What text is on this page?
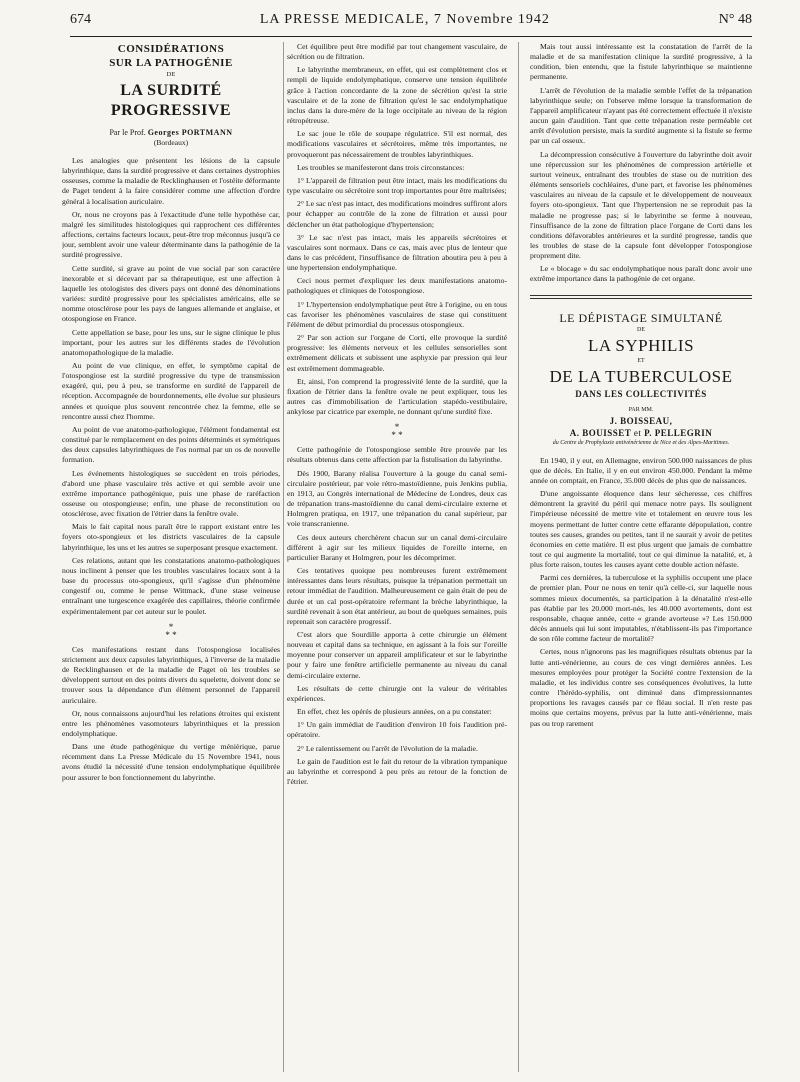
674	LA PRESSE MEDICALE, 7 Novembre 1942	N° 48
CONSIDÉRATIONS
SUR LA PATHOGÉNIE
DE
LA SURDITÉ PROGRESSIVE
Par le Prof. Georges PORTMANN
(Bordeaux)

Les analogies que présentent les lésions de la capsule labyrinthique, dans la surdité progressive et dans certaines dystrophies osseuses, comme la maladie de Recklinghausen et l'ostéite déformante de Paget tendent à la faire considérer comme une affection d'ordre général à localisation auriculaire.

Or, nous ne croyons pas à l'exactitude d'une telle hypothèse car, malgré les similitudes histologiques qui rapprochent ces différentes affections, certains facteurs locaux, peut-être trop méconnus jusqu'à ce jour, semblent avoir une valeur déterminante dans la pathogénie de la surdité progressive.

Cette surdité, si grave au point de vue social par son caractère inexorable et si décevant par sa thérapeutique, est une affection à laquelle les otologistes des divers pays ont donné des dénominations variées: surdité progressive pour les spécialistes américains, elle se nomme otosclérose pour les pays de langues allemande et anglaise, et otospongiose en France.

Cette appellation se base, pour les uns, sur le signe clinique le plus important, pour les autres sur les différents stades de l'évolution anatomopathologique de la maladie.

Au point de vue clinique, en effet, le symptôme capital de l'otospongiose est la surdité progressive du type de transmission exagéré, qui, peu à peu, se transforme en surdité de l'appareil de réception. Accompagnée de bourdonnements, elle évolue sur plusieurs années et quoique plus souvent rencontrée chez la femme, elle se rencontre aussi chez l'homme.

Au point de vue anatomo-pathologique, l'élément fondamental est constitué par le remplacement en des points déterminés et symétriques des deux capsules labyrinthiques de l'os normal par un os de nouvelle formation.

Les événements histologiques se succèdent en trois périodes, d'abord une phase vasculaire très active et qui semble avoir une extrême importance pathogénique, puis une phase de raréfaction osseuse ou otospongieuse; enfin, une phase de reconstitution ou otosclérose, avec fixation de l'étrier dans la fenêtre ovale.

Mais le fait capital nous paraît être le rapport existant entre les foyers oto-spongieux et les districts vasculaires de la capsule labyrinthique, les uns et les autres se superposant presque exactement.

Ces relations, autant que les constatations anatomo-pathologiques nous inclinent à penser que les troubles vasculaires locaux sont à la base du processus oto-spongieux, qu'il s'agisse d'un phénomène congestif ou, comme le pense Wittmack, d'une stase veineuse entraînant une turgescence exagérée des capillaires, théorie confirmée expérimentalement par cet auteur sur le poulet.

*
* *

Ces manifestations restant dans l'otospongiose localisées strictement aux deux capsules labyrinthiques, à l'inverse de la maladie de Recklinghausen et de la maladie de Paget où les troubles se développent surtout en des points divers du squelette, doivent donc se trouver sous la dépendance d'un élément personnel de l'appareil auriculaire.

Or, nous connaissons aujourd'hui les relations étroites qui existent entre les phénomènes vasomoteurs labyrinthiques et la pression endolymphatique.

Dans une étude pathogénique du vertige ménièrique, parue récemment dans La Presse Médicale du 15 Novembre 1941, nous avons étudié la nécessité d'une tension endolymphatique équilibrée pour assurer le bon fonctionnement du labyrinthe.

Cet équilibre peut être modifié par tout changement vasculaire, de sécrétion ou de filtration.

Le labyrinthe membraneux, en effet, qui est complètement clos et rempli de liquide endolymphatique, conserve une tension équilibrée grâce à l'action concordante de la zone de sécrétion qu'est la strie vasculaire et de la zone de filtration qu'est le sac endolymphatique inclus dans la dure-mère de la loge occipitale au niveau de la région rétropétreuse.

Le sac joue le rôle de soupape régulatrice. S'il est normal, des modifications vasculaires et sécrétoires, même très importantes, ne provoqueront pas nécessairement de troubles labyrinthiques.

Les troubles se manifesteront dans trois circonstances:

1° L'appareil de filtration peut être intact, mais les modifications du type vasculaire ou sécrétoire sont trop importantes pour être maîtrisées;

2° Le sac n'est pas intact, des modifications moindres suffiront alors pour échapper au contrôle de la zone de filtration et aussi pour déclencher un état pathologique d'hypertension;

3° Le sac n'est pas intact, mais les appareils sécrétoires et vasculaires sont normaux. Dans ce cas, mais avec plus de lenteur que dans le cas précédent, l'insuffisance de filtration aboutira peu à peu à une hypertension endolymphatique.

Ceci nous permet d'expliquer les deux manifestations anatomo-pathologiques et cliniques de l'otospongiose.

1° L'hypertension endolymphatique peut être à l'origine, ou en tous cas favoriser les phénomènes vasculaires de stase qui constituent l'élément de début primordial du processus otospongieux.

2° Par son action sur l'organe de Corti, elle provoque la surdité progressive: les éléments nerveux et les cellules sensorielles sont extrêmement délicats et subissent une asphyxie par pression qui leur est extrêmement dommageable.

Et, ainsi, l'on comprend la progressivité lente de la surdité, que la fixation de l'étrier dans la fenêtre ovale ne peut expliquer, tous les autres cas d'immobilisation de l'articulation stapédo-vestibulaire, ankylose par cicatrice par exemple, ne donnant qu'une surdité fixe.

*
* *

Cette pathogénie de l'otospongiose semble être prouvée par les résultats obtenus dans cette affection par la fistulisation du labyrinthe.

Dès 1900, Barany réalisa l'ouverture à la gouge du canal semi-circulaire postérieur, par voie rétro-mastoïdienne, puis Jenkins publia, en 1913, au Congrès international de Médecine de Londres, deux cas de trépanation trans-mastoïdienne du canal demi-circulaire externe et Holmgren pratiqua, en 1917, une trépanation du canal supérieur, par voie transcranienne.

Ces deux auteurs cherchèrent chacun sur un canal demi-circulaire différent à agir sur les milieux liquides de l'oreille interne, en particulier Barany et Holmgren, pour les décomprimer.

Ces tentatives quoique peu nombreuses furent extrêmement intéressantes dans leurs résultats, puisque la trépanation permettait un retour immédiat de l'audition. Malheureusement ce gain était de peu de durée et un cal post-opératoire refermant la brèche labyrinthique, la surdité revenait à son état antérieur, au bout de quelques semaines, puis reprenait son caractère progressif.

C'est alors que Sourdille apporta à cette chirurgie un élément nouveau et capital dans sa technique, en agissant à la fois sur l'oreille moyenne pour conserver un appareil amplificateur et sur le labyrinthe pour y faire une fenêtre artificielle permanente au niveau du canal demi-circulaire externe.

Les résultats de cette chirurgie ont la valeur de véritables expériences.

En effet, chez les opérés de plusieurs années, on a pu constater:

1° Un gain immédiat de l'audition d'environ 10 fois l'audition pré-opératoire.

2° Le ralentissement ou l'arrêt de l'évolution de la maladie.

Le gain de l'audition est le fait du retour de la vibration tympanique au labyrinthe et correspond à peu près au retour de la fonction de l'étrier.

Mais tout aussi intéressante est la constatation de l'arrêt de la maladie et de sa manifestation clinique la surdité progressive, à la condition, bien entendu, que la fistule labyrinthique se maintienne permanente.

L'arrêt de l'évolution de la maladie semble l'effet de la trépanation labyrinthique seule; on l'observe même lorsque la transformation de l'appareil amplificateur n'ayant pas été correctement effectuée il n'existe aucun gain d'audition. Tant que cette trépanation reste perméable cet arrêt d'évolution persiste, mais la surdité augmente si la fistule se ferme par un cal osseux.

La décompression consécutive à l'ouverture du labyrinthe doit avoir une répercussion sur les phénomènes de compression artérielle et surtout veineux, entraînant des troubles de stase ou de nutrition des éléments sensoriels cochléaires, d'une part, et favorise les phénomènes vasculaires au niveau de la capsule et le développement de nouveaux foyers oto-spongieux. Tant que l'hypertension ne se reproduit pas la maladie ne progresse pas; si le labyrinthe se ferme à nouveau, l'insuffisance de la zone de filtration place l'organe de Corti dans les conditions défavorables antérieures et la surdité progresse, tandis que les troubles de stase de la capsule font développer l'otospongiose proprement dite.

Le « blocage » du sac endolymphatique nous paraît donc avoir une extrême importance dans la pathogénie de cet organe.

LE DÉPISTAGE SIMULTANÉ
DE
LA SYPHILIS
ET
DE LA TUBERCULOSE
DANS LES COLLECTIVITÉS
PAR MM.
J. BOISSEAU,
A. BOUISSET et P. PELLEGRIN
du Centre de Prophylaxie antivénérienne de Nice et des Alpes-Maritimes.

En 1940, il y eut, en Allemagne, environ 500.000 naissances de plus que de décès. En Italie, il y en eut environ 450.000. Pendant la même année on comptait, en France, 35.000 décès de plus que de naissances.

D'une angoissante éloquence dans leur sécheresse, ces chiffres démontrent la gravité du péril qui menace notre pays. Ils soulignent l'impérieuse nécessité de mettre vite et totalement en œuvre tous les moyens permettant de lutter contre cette effarante dépopulation, contre toutes ses causes, grandes ou petites, tant il ne saurait y avoir de petites économies en cette matière. Il est plus urgent que jamais de combattre tout ce qui augmente la mortalité, tout ce qui diminue la natalité, et, à plus forte raison, toutes les causes ayant cette double action néfaste.

Parmi ces dernières, la tuberculose et la syphilis occupent une place de premier plan. Pour ne nous en tenir qu'à celle-ci, sur laquelle nous sommes mieux documentés, sa participation à la dénatalité n'est-elle pas établie par les 20.000 mort-nés, les 40.000 avortements, dont est responsable, chaque année, cette « grande avorteuse »? Les 150.000 décès annuels qui lui sont imputables, n'établissent-ils pas l'importance de son rôle comme facteur de mortalité?

Certes, nous n'ignorons pas les magnifiques résultats obtenus par la lutte anti-vénérienne, au cours de ces vingt dernières années. Les mesures employées pour protéger la Société contre l'extension de la maladie, et les individus contre ses conséquences évolutives, la lutte contre l'hérédo-syphilis, ont diminué dans d'impressionnantes proportions les ravages causés par ce fléau social. Il n'en reste pas moins que certains moyens, prévus par la lutte anti-vénérienne, mais pas ou trop rarement
